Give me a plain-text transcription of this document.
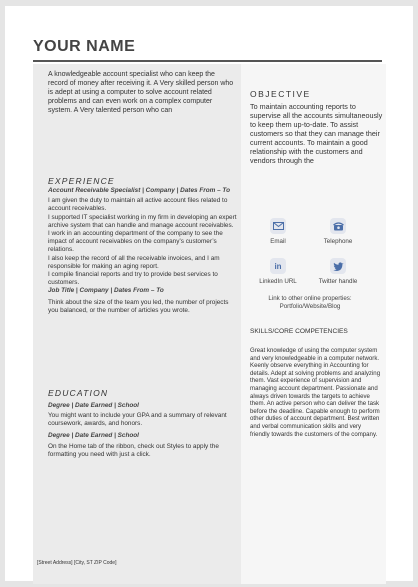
YOUR NAME
A knowledgeable account specialist who can keep the record of money after receiving it. A Very skilled person who is adept at using a computer to solve account related problems and can even work on a complex computer system. A Very talented person who can
OBJECTIVE
To maintain accounting reports to supervise all the accounts simultaneously to keep them up-to-date. To assist customers so that they can manage their current accounts. To maintain a good relationship with the customers and vendors through the
EXPERIENCE

Account Receivable Specialist | Company | Dates From – To

I am given the duty to maintain all active account files related to account receivables.

I supported IT specialist working in my firm in developing an expert archive system that can handle and manage account receivables.

I work in an accounting department of the company to see the impact of account receivables on the company’s customer’s relations.

I also keep the record of all the receivable invoices, and I am responsible for making an aging report.

I compile financial reports and try to provide best services to customers.

Job Title | Company | Dates From – To

Think about the size of the team you led, the number of projects you balanced, or the number of articles you wrote.

EDUCATION

Degree | Date Earned | School

You might want to include your GPA and a summary of relevant coursework, awards, and honors.

Degree | Date Earned | School

On the Home tab of the ribbon, check out Styles to apply the formatting you need with just a click.

Email	Telephone
in
LinkedIn URL	Twitter handle
Link to other online properties: Portfolio/Website/Blog
SKILLS/CORE COMPETENCIES
Great knowledge of using the computer system and very knowledgeable in a computer network. Keenly observe everything in Accounting for details. Adept at solving problems and analyzing them. Vast experience of supervision and managing account department. Passionate and always driven towards the targets to achieve them. An active person who can deliver the task before the deadline. Capable enough to perform other duties of account department. Best written and verbal communication skills and very friendly towards the customers of the company.
[Street Address] [City, ST ZIP Code]
